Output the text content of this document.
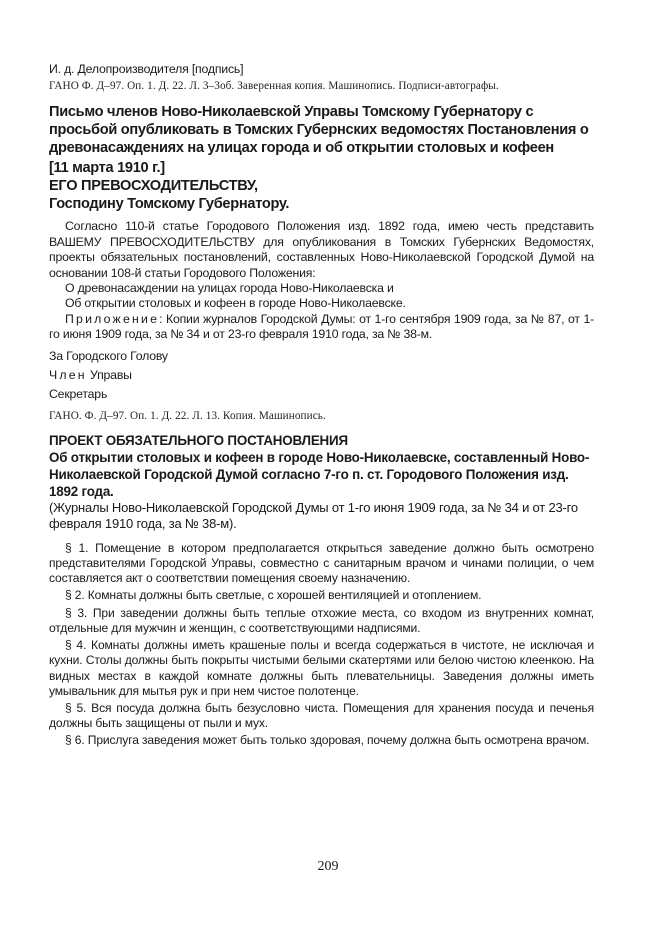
И. д. Делопроизводителя [подпись]
ГАНО Ф. Д–97. Оп. 1. Д. 22. Л. 3–3об. Заверенная копия. Машинопись. Подписи-автографы.
Письмо членов Ново-Николаевской Управы Томскому Губернатору с просьбой опубликовать в Томских Губернских ведомостях Постановления о древонасаждениях на улицах города и об открытии столовых и кофеен
[11 марта 1910 г.]
ЕГО ПРЕВОСХОДИТЕЛЬСТВУ,
Господину Томскому Губернатору.

Согласно 110-й статье Городового Положения изд. 1892 года, имею честь представить ВАШЕМУ ПРЕВОСХОДИТЕЛЬСТВУ для опубликования в Томских Губернских Ведомостях, проекты обязательных постановлений, составленных Ново-Николаевской Городской Думой на основании 108-й статьи Городового Положения:

О древонасаждении на улицах города Ново-Николаевска и

Об открытии столовых и кофеен в городе Ново-Николаевске.

Приложение: Копии журналов Городской Думы: от 1-го сентября 1909 года, за № 87, от 1-го июня 1909 года, за № 34 и от 23-го февраля 1910 года, за № 38-м.

За Городского Голову
Член Управы
Секретарь
ГАНО. Ф. Д–97. Оп. 1. Д. 22. Л. 13. Копия. Машинопись.
ПРОЕКТ ОБЯЗАТЕЛЬНОГО ПОСТАНОВЛЕНИЯ
Об открытии столовых и кофеен в городе Ново-Николаевске, составленный Ново-Николаевской Городской Думой согласно 7-го п. ст. Городового Положения изд. 1892 года.
(Журналы Ново-Николаевской Городской Думы от 1-го июня 1909 года, за № 34 и от 23-го февраля 1910 года, за № 38-м).

§ 1. Помещение в котором предполагается открыться заведение должно быть осмотрено представителями Городской Управы, совместно с санитарным врачом и чинами полиции, о чем составляется акт о соответствии помещения своему назначению.

§ 2. Комнаты должны быть светлые, с хорошей вентиляцией и отоплением.

§ 3. При заведении должны быть теплые отхожие места, со входом из внутренних комнат, отдельные для мужчин и женщин, с соответствующими надписями.

§ 4. Комнаты должны иметь крашеные полы и всегда содержаться в чистоте, не исключая и кухни. Столы должны быть покрыты чистыми белыми скатертями или белою чистою клеенкою. На видных местах в каждой комнате должны быть плевательницы. Заведения должны иметь умывальник для мытья рук и при нем чистое полотенце.

§ 5. Вся посуда должна быть безусловно чиста. Помещения для хранения посуда и печенья должны быть защищены от пыли и мух.

§ 6. Прислуга заведения может быть только здоровая, почему должна быть осмотрена врачом.

209
